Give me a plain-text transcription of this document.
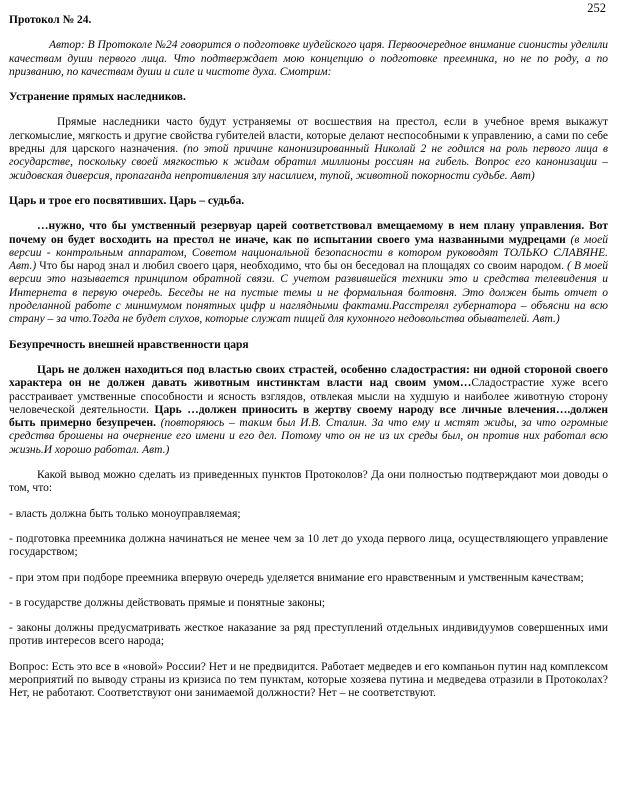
252
Протокол № 24.

Автор: В Протоколе №24 говорится о подготовке иудейского царя. Первоочередное внимание сионисты уделили качествам души первого лица. Что подтверждает мою концепцию о подготовке преемника, но не по роду, а по призванию, по качествам души и силе и чистоте духа. Смотрим:

Устранение прямых наследников.

Прямые наследники часто будут устраняемы от восшествия на престол, если в учебное время выкажут легкомыслие, мягкость и другие свойства губителей власти, которые делают неспособными к управлению, а сами по себе вредны для царского назначения. (по этой причине канонизированный Николай 2 не годился на роль первого лица в государстве, поскольку своей мягкостью к жидам обратил миллионы россиян на гибель. Вопрос его канонизации – жидовская диверсия, пропаганда непротивления злу насилием, тупой, животной покорности судьбе. Авт)

Царь и трое его посвятивших. Царь – судьба.

…нужно, что бы умственный резервуар царей соответствовал вмещаемому в нем плану управления. Вот почему он будет восходить на престол не иначе, как по испытании своего ума названными мудрецами (в моей версии - контрольным аппаратом, Советом национальной безопасности в котором руководят ТОЛЬКО СЛАВЯНЕ. Авт.) Что бы народ знал и любил своего царя, необходимо, что бы он беседовал на площадях со своим народом. ( В моей версии это называется принципом обратной связи. С учетом развившейся техники это и средства телевидения и Интернета в первую очередь. Беседы не на пустые темы и не формальная болтовня. Это должен быть отчет о проделанной работе с минимумом понятных цифр и наглядными фактами.Расстрелял губернатора – объясни на всю страну – за что.Тогда не будет слухов, которые служат пищей для кухонного недовольства обывателей. Авт.)

Безупречность внешней нравственности царя

Царь не должен находиться под властью своих страстей, особенно сладострастия: ни одной стороной своего характера он не должен давать животным инстинктам власти над своим умом…Сладострастие хуже всего расстраивает умственные способности и ясность взглядов, отвлекая мысли на худшую и наиболее животную сторону человеческой деятельности. Царь …должен приносить в жертву своему народу все личные влечения….должен быть примерно безупречен. (повторяюсь – таким был И.В. Сталин. За что ему и мстят жиды, за что огромные средства брошены на очернение его имени и его дел. Потому что он не из их среды был, он против них работал всю жизнь.И хорошо работал. Авт.)

Какой вывод можно сделать из приведенных пунктов Протоколов? Да они полностью подтверждают мои доводы о том, что:

- власть должна быть только моноуправляемая;

- подготовка преемника должна начинаться не менее чем за 10 лет до ухода первого лица, осуществляющего управление государством;

- при этом при подборе преемника впервую очередь уделяется внимание его нравственным и умственным качествам;

- в государстве должны действовать прямые и понятные законы;

- законы должны предусматривать жесткое наказание за ряд преступлений отдельных индивидуумов совершенных ими против интересов всего народа;

Вопрос: Есть это все в «новой» России? Нет и не предвидится. Работает медведев и его компаньон путин над комплексом мероприятий по выводу страны из кризиса по тем пунктам, которые хозяева путина и медведева отразили в Протоколах? Нет, не работают. Соответствуют они занимаемой должности? Нет – не соответствуют.
